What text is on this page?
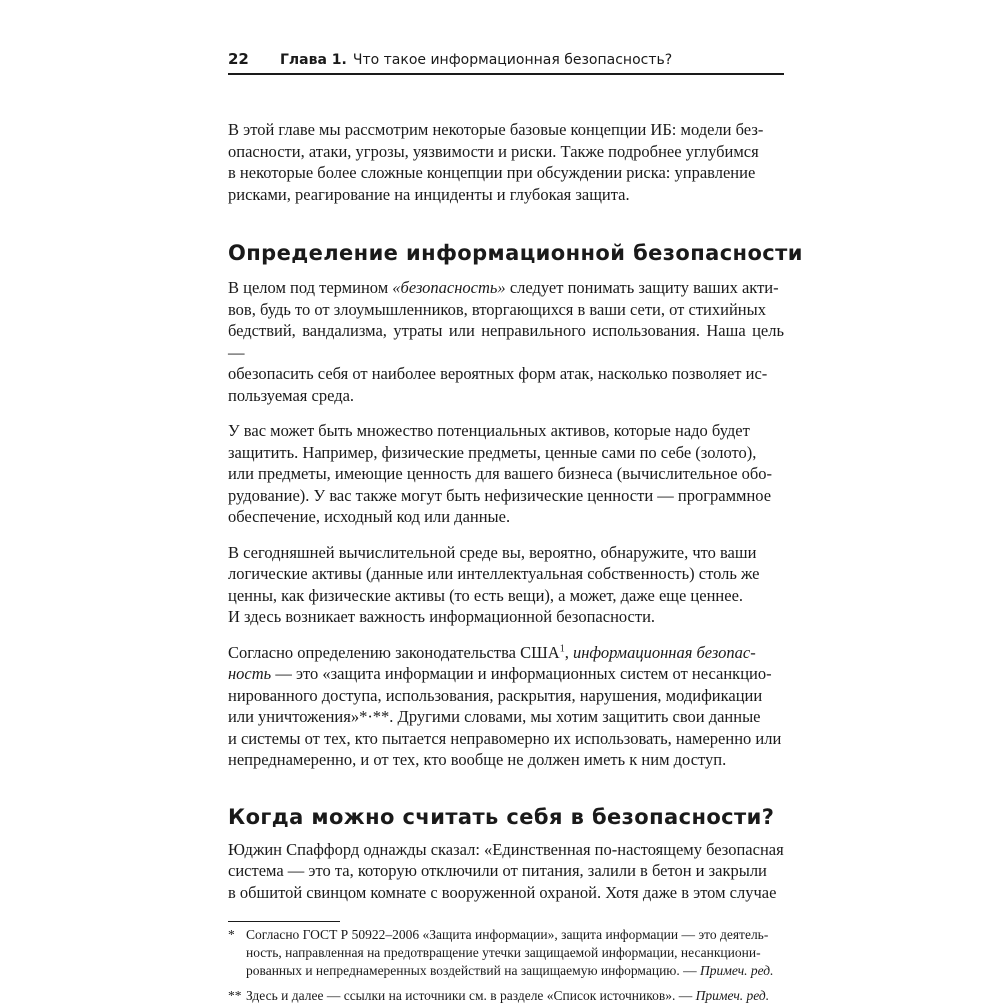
22	Глава 1. Что такое информационная безопасность?

В этой главе мы рассмотрим некоторые базовые концепции ИБ: модели без-
опасности, атаки, угрозы, уязвимости и риски. Также подробнее углубимся
в некоторые более сложные концепции при обсуждении риска: управление
рисками, реагирование на инциденты и глубокая защита.

Определение информационной безопасности

В целом под термином «безопасность» следует понимать защиту ваших акти-
вов, будь то от злоумышленников, вторгающихся в ваши сети, от стихийных
бедствий, вандализма, утраты или неправильного использования. Наша цель —
обезопасить себя от наиболее вероятных форм атак, насколько позволяет ис-
пользуемая среда.

У вас может быть множество потенциальных активов, которые надо будет
защитить. Например, физические предметы, ценные сами по себе (золото),
или предметы, имеющие ценность для вашего бизнеса (вычислительное обо-
рудование). У вас также могут быть нефизические ценности — программное
обеспечение, исходный код или данные.

В сегодняшней вычислительной среде вы, вероятно, обнаружите, что ваши
логические активы (данные или интеллектуальная собственность) столь же
ценны, как физические активы (то есть вещи), а может, даже еще ценнее.
И здесь возникает важность информационной безопасности.

Согласно определению законодательства США$^1$, информационная безопас-
ность — это «защита информации и информационных систем от несанкцио-
нированного доступа, использования, раскрытия, нарушения, модификации
или уничтожения»*·**. Другими словами, мы хотим защитить свои данные
и системы от тех, кто пытается неправомерно их использовать, намеренно или
непреднамеренно, и от тех, кто вообще не должен иметь к ним доступ.

Когда можно считать себя в безопасности?

Юджин Спаффорд однажды сказал: «Единственная по-настоящему безопасная
система — это та, которую отключили от питания, залили в бетон и закрыли
в обшитой свинцом комнате с вооруженной охраной. Хотя даже в этом случае

* Согласно ГОСТ Р 50922–2006 «Защита информации», защита информации — это деятель-
ность, направленная на предотвращение утечки защищаемой информации, несанкциони-
рованных и непреднамеренных воздействий на защищаемую информацию. — Примеч. ред.
** Здесь и далее — ссылки на источники см. в разделе «Список источников». — Примеч. ред.
